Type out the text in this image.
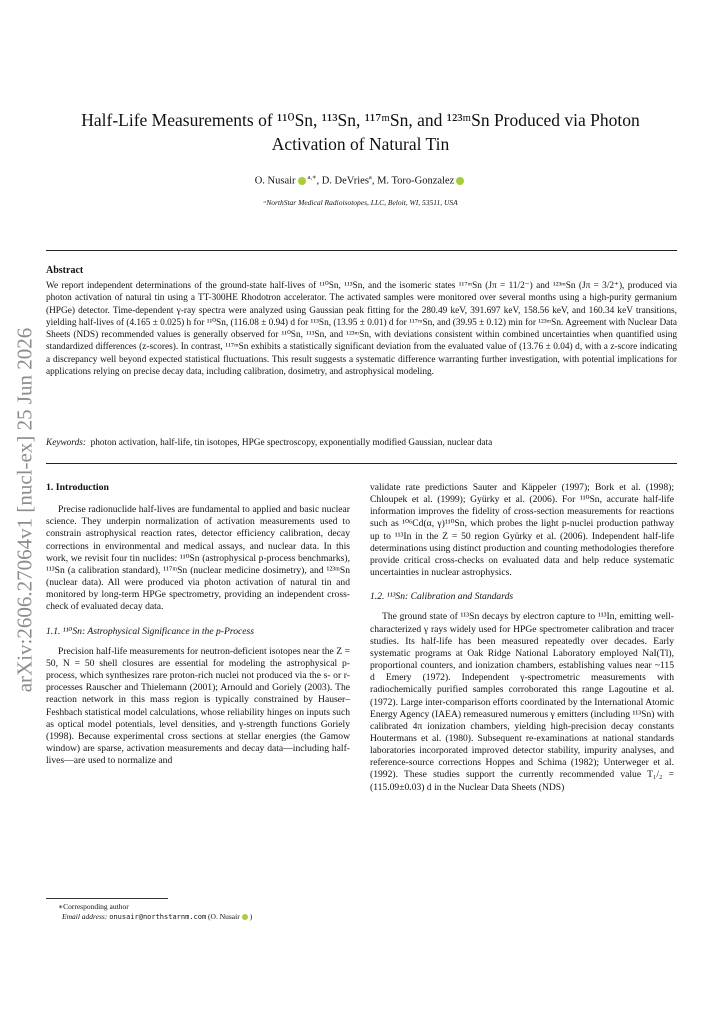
arXiv:2606.27064v1 [nucl-ex] 25 Jun 2026
Half-Life Measurements of ¹¹⁰Sn, ¹¹³Sn, ¹¹⁷ᵐSn, and ¹²³ᵐSn Produced via Photon
Activation of Natural Tin
O. Nusair $^{a,∗}$, D. DeVries$^a$, M. Toro-Gonzalez
ᵃNorthStar Medical Radioisotopes, LLC, Beloit, WI, 53511, USA
Abstract
We report independent determinations of the ground-state half-lives of ¹¹⁰Sn, ¹¹³Sn, and the isomeric states ¹¹⁷ᵐSn (Jπ = 11/2⁻) and ¹²³ᵐSn (Jπ = 3/2⁺), produced via photon activation of natural tin using a TT-300HE Rhodotron accelerator. The activated samples were monitored over several months using a high-purity germanium (HPGe) detector. Time-dependent γ-ray spectra were analyzed using Gaussian peak fitting for the 280.49 keV, 391.697 keV, 158.56 keV, and 160.34 keV transitions, yielding half-lives of (4.165 ± 0.025) h for ¹¹⁰Sn, (116.08 ± 0.94) d for ¹¹³Sn, (13.95 ± 0.01) d for ¹¹⁷ᵐSn, and (39.95 ± 0.12) min for ¹²³ᵐSn. Agreement with Nuclear Data Sheets (NDS) recommended values is generally observed for ¹¹⁰Sn, ¹¹³Sn, and ¹²³ᵐSn, with deviations consistent within combined uncertainties when quantified using standardized differences (z-scores). In contrast, ¹¹⁷ᵐSn exhibits a statistically significant deviation from the evaluated value of (13.76 ± 0.04) d, with a z-score indicating a discrepancy well beyond expected statistical fluctuations. This result suggests a systematic difference warranting further investigation, with potential implications for applications relying on precise decay data, including calibration, dosimetry, and astrophysical modeling.
Keywords: photon activation, half-life, tin isotopes, HPGe spectroscopy, exponentially modified Gaussian, nuclear data
1. Introduction

Precise radionuclide half-lives are fundamental to applied and basic nuclear science. They underpin normalization of activation measurements used to constrain astrophysical reaction rates, detector efficiency calibration, decay corrections in environmental and medical assays, and nuclear data. In this work, we revisit four tin nuclides: ¹¹⁰Sn (astrophysical p-process benchmarks), ¹¹³Sn (a calibration standard), ¹¹⁷ᵐSn (nuclear medicine dosimetry), and ¹²³ᵐSn (nuclear data). All were produced via photon activation of natural tin and monitored by long-term HPGe spectrometry, providing an independent cross-check of evaluated decay data.

1.1. ¹¹⁰Sn: Astrophysical Significance in the p-Process

Precision half-life measurements for neutron-deficient isotopes near the Z = 50, N = 50 shell closures are essential for modeling the astrophysical p-process, which synthesizes rare proton-rich nuclei not produced via the s- or r-processes Rauscher and Thielemann (2001); Arnould and Goriely (2003). The reaction network in this mass region is typically constrained by Hauser–Feshbach statistical model calculations, whose reliability hinges on inputs such as optical model potentials, level densities, and γ-strength functions Goriely (1998). Because experimental cross sections at stellar energies (the Gamow window) are sparse, activation measurements and decay data—including half-lives—are used to normalize and

∗Corresponding author
Email address: onusair@northstarnm.com (O. Nusair )

validate rate predictions Sauter and Käppeler (1997); Bork et al. (1998); Chloupek et al. (1999); Gyürky et al. (2006). For ¹¹⁰Sn, accurate half-life information improves the fidelity of cross-section measurements for reactions such as ¹⁰⁶Cd(α, γ)¹¹⁰Sn, which probes the light p-nuclei production pathway up to ¹¹³In in the Z = 50 region Gyürky et al. (2006). Independent half-life determinations using distinct production and counting methodologies therefore provide critical cross-checks on evaluated data and help reduce systematic uncertainties in nuclear astrophysics.

1.2. ¹¹³Sn: Calibration and Standards

The ground state of ¹¹³Sn decays by electron capture to ¹¹³In, emitting well-characterized γ rays widely used for HPGe spectrometer calibration and tracer studies. Its half-life has been measured repeatedly over decades. Early systematic programs at Oak Ridge National Laboratory employed NaI(Tl), proportional counters, and ionization chambers, establishing values near ~115 d Emery (1972). Independent γ-spectrometric measurements with radiochemically purified samples corroborated this range Lagoutine et al. (1972). Large inter-comparison efforts coordinated by the International Atomic Energy Agency (IAEA) remeasured numerous γ emitters (including ¹¹³Sn) with calibrated 4π ionization chambers, yielding high-precision decay constants Houtermans et al. (1980). Subsequent re-examinations at national standards laboratories incorporated improved detector stability, impurity analyses, and reference-source corrections Hoppes and Schima (1982); Unterweger et al. (1992). These studies support the currently recommended value T₁/₂ = (115.09±0.03) d in the Nuclear Data Sheets (NDS)
